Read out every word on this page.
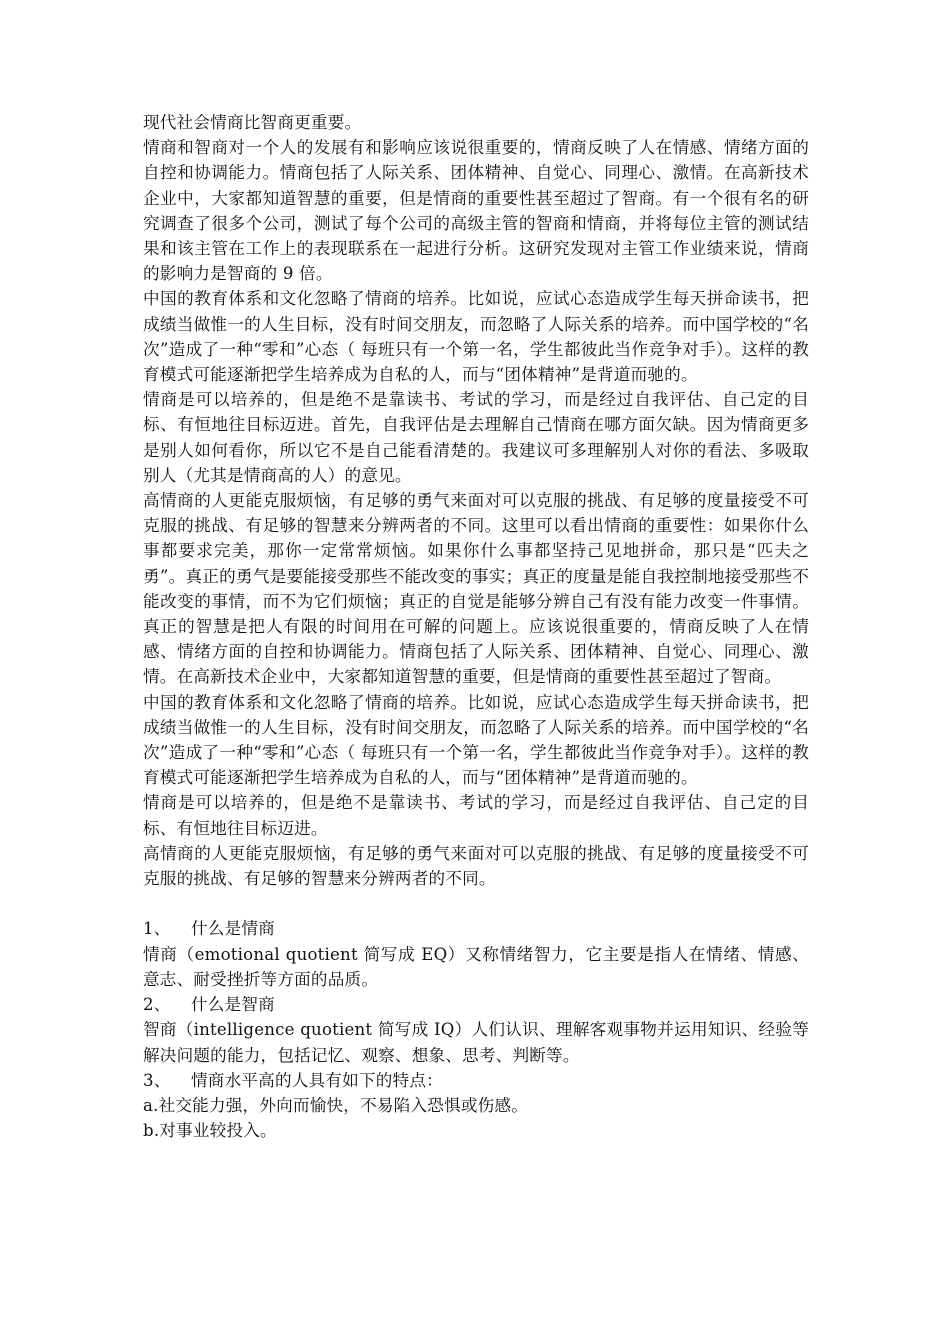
现代社会情商比智商更重要。

情商和智商对一个人的发展有和影响应该说很重要的，情商反映了人在情感、情绪方面的自控和协调能力。情商包括了人际关系、团体精神、自觉心、同理心、激情。在高新技术企业中，大家都知道智慧的重要，但是情商的重要性甚至超过了智商。有一个很有名的研究调查了很多个公司，测试了每个公司的高级主管的智商和情商，并将每位主管的测试结果和该主管在工作上的表现联系在一起进行分析。这研究发现对主管工作业绩来说，情商的影响力是智商的 9 倍。

中国的教育体系和文化忽略了情商的培养。比如说，应试心态造成学生每天拼命读书，把成绩当做惟一的人生目标，没有时间交朋友，而忽略了人际关系的培养。而中国学校的“名次”造成了一种“零和”心态（ 每班只有一个第一名，学生都彼此当作竞争对手）。这样的教育模式可能逐渐把学生培养成为自私的人，而与“团体精神”是背道而驰的。

情商是可以培养的，但是绝不是靠读书、考试的学习，而是经过自我评估、自己定的目标、有恒地往目标迈进。首先，自我评估是去理解自己情商在哪方面欠缺。因为情商更多是别人如何看你，所以它不是自己能看清楚的。我建议可多理解别人对你的看法、多吸取别人（尤其是情商高的人）的意见。

高情商的人更能克服烦恼，有足够的勇气来面对可以克服的挑战、有足够的度量接受不可克服的挑战、有足够的智慧来分辨两者的不同。这里可以看出情商的重要性：如果你什么事都要求完美，那你一定常常烦恼。如果你什么事都坚持己见地拼命，那只是“匹夫之勇”。真正的勇气是要能接受那些不能改变的事实；真正的度量是能自我控制地接受那些不能改变的事情，而不为它们烦恼；真正的自觉是能够分辨自己有没有能力改变一件事情。真正的智慧是把人有限的时间用在可解的问题上。应该说很重要的，情商反映了人在情感、情绪方面的自控和协调能力。情商包括了人际关系、团体精神、自觉心、同理心、激情。在高新技术企业中，大家都知道智慧的重要，但是情商的重要性甚至超过了智商。

中国的教育体系和文化忽略了情商的培养。比如说，应试心态造成学生每天拼命读书，把成绩当做惟一的人生目标，没有时间交朋友，而忽略了人际关系的培养。而中国学校的“名次”造成了一种“零和”心态（ 每班只有一个第一名，学生都彼此当作竞争对手）。这样的教育模式可能逐渐把学生培养成为自私的人，而与“团体精神”是背道而驰的。

情商是可以培养的，但是绝不是靠读书、考试的学习，而是经过自我评估、自己定的目标、有恒地往目标迈进。

高情商的人更能克服烦恼，有足够的勇气来面对可以克服的挑战、有足够的度量接受不可克服的挑战、有足够的智慧来分辨两者的不同。

1、	什么是情商

情商（emotional quotient 简写成 EQ）又称情绪智力，它主要是指人在情绪、情感、意志、耐受挫折等方面的品质。

2、	什么是智商

智商（intelligence quotient 简写成 IQ）人们认识、理解客观事物并运用知识、经验等解决问题的能力，包括记忆、观察、想象、思考、判断等。

3、	情商水平高的人具有如下的特点：

a.社交能力强，外向而愉快，不易陷入恐惧或伤感。

b.对事业较投入。
